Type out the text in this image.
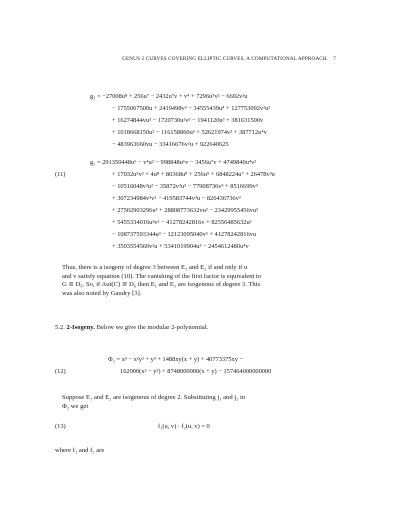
GENUS 2 CURVES COVERING ELLIPTIC CURVES. A COMPUTATIONAL APPROACH. 7
g₁ = −27008u⁸ + 256u⁷ − 2432u⁷v + v⁴ + 7296u⁵v² − 6692v³u
− 1755067500u + 2419498v³ − 34555439u⁴ + 127753092v²u²
+ 16274844vu³ − 1720730u²v³ − 1941120u³ + 381631500v
+ 1018668150u² − 116158860u³ + 52621974v² + 387712u⁴v
− 483963660vu − 33416676v²u + 922640625
(11)
g₂ = 291350448u⁶ − v⁴u² − 998848u⁶v − 3456u⁷v + 4749840u⁴v²
+ 17032u⁵v² + 4u⁸ + 80368u⁸ + 256u⁹ + 6848224u⁷ + 26478v³u
− 10516048v³u² − 35872v³u³ − 77908736v³ + 8516699v³
+ 307234984v³v² − 419583744v³u − 826436736v³
+ 27502903296u³ + 28808773632vu² − 23429955456vu³
+ 5455334016u²v² − 41278242816v + 82556485632u²
− 108737593344u³ − 12123095040v² + 41278242816vu
+ 3503554560v²u + 5341019904u³ − 2454612480u⁴v
Thus, there is a isogeny of degree 3 between E₁ and E₂ if and only if u
and v satisfy equation (10). The vanishing of the first factor is equivalent to
G ≅ D₆. So, if Aut(C) ≅ D₆ then E₁ and E₂ are isogenous of degree 3. This
was also noted by Gaudry [3].
5.2. 2-Isogeny. Below we give the modular 2-polynomial.
(12)
Φ₂ = x³ − x²y² + y³ + 1488xy(x + y) + 40773375xy −
162000(x² − y²) + 8748000000(x + y) − 157464000000000
Suppose E₁ and E₂ are isogenous of degree 2. Substituting j₁ and j₂ in
Φ₂ we get
(13)	f₁(u, v) · f₂(u, v) = 0
where f₁ and f₂ are
